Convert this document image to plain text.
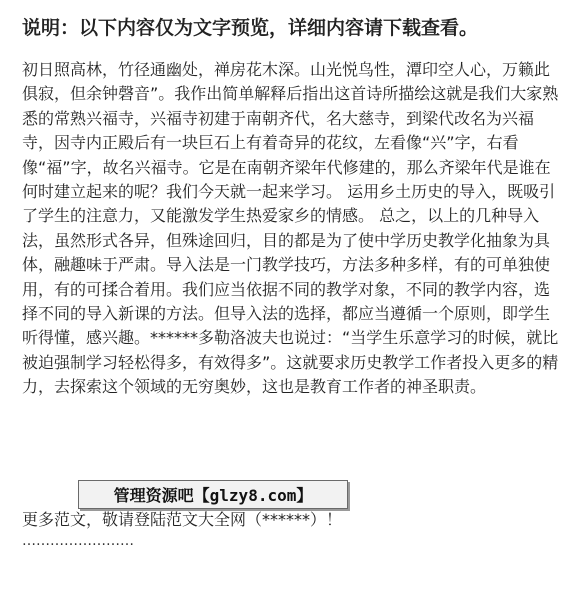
说明：以下内容仅为文字预览，详细内容请下载查看。

初日照高林，竹径通幽处，禅房花木深。山光悦鸟性，潭印空人心，万籁此俱寂，但余钟磬音”。我作出简单解释后指出这首诗所描绘这就是我们大家熟悉的常熟兴福寺，兴福寺初建于南朝齐代，名大慈寺，到梁代改名为兴福寺，因寺内正殿后有一块巨石上有着奇异的花纹，左看像“兴”字，右看像“福”字，故名兴福寺。它是在南朝齐梁年代修建的，那么齐梁年代是谁在何时建立起来的呢？我们今天就一起来学习。 运用乡土历史的导入，既吸引了学生的注意力，又能激发学生热爱家乡的情感。 总之，以上的几种导入法，虽然形式各异，但殊途回归，目的都是为了使中学历史教学化抽象为具体，融趣味于严肃。导入法是一门教学技巧，方法多种多样，有的可单独使用，有的可揉合着用。我们应当依据不同的教学对象，不同的教学内容，选择不同的导入新课的方法。但导入法的选择，都应当遵循一个原则，即学生听得懂，感兴趣。******多勒洛波夫也说过：“当学生乐意学习的时候，就比被迫强制学习轻松得多，有效得多”。这就要求历史教学工作者投入更多的精力，去探索这个领域的无穷奥妙，这也是教育工作者的神圣职责。

管理资源吧【glzy8.com】
更多范文，敬请登陆范文大全网（******）！
……………………
